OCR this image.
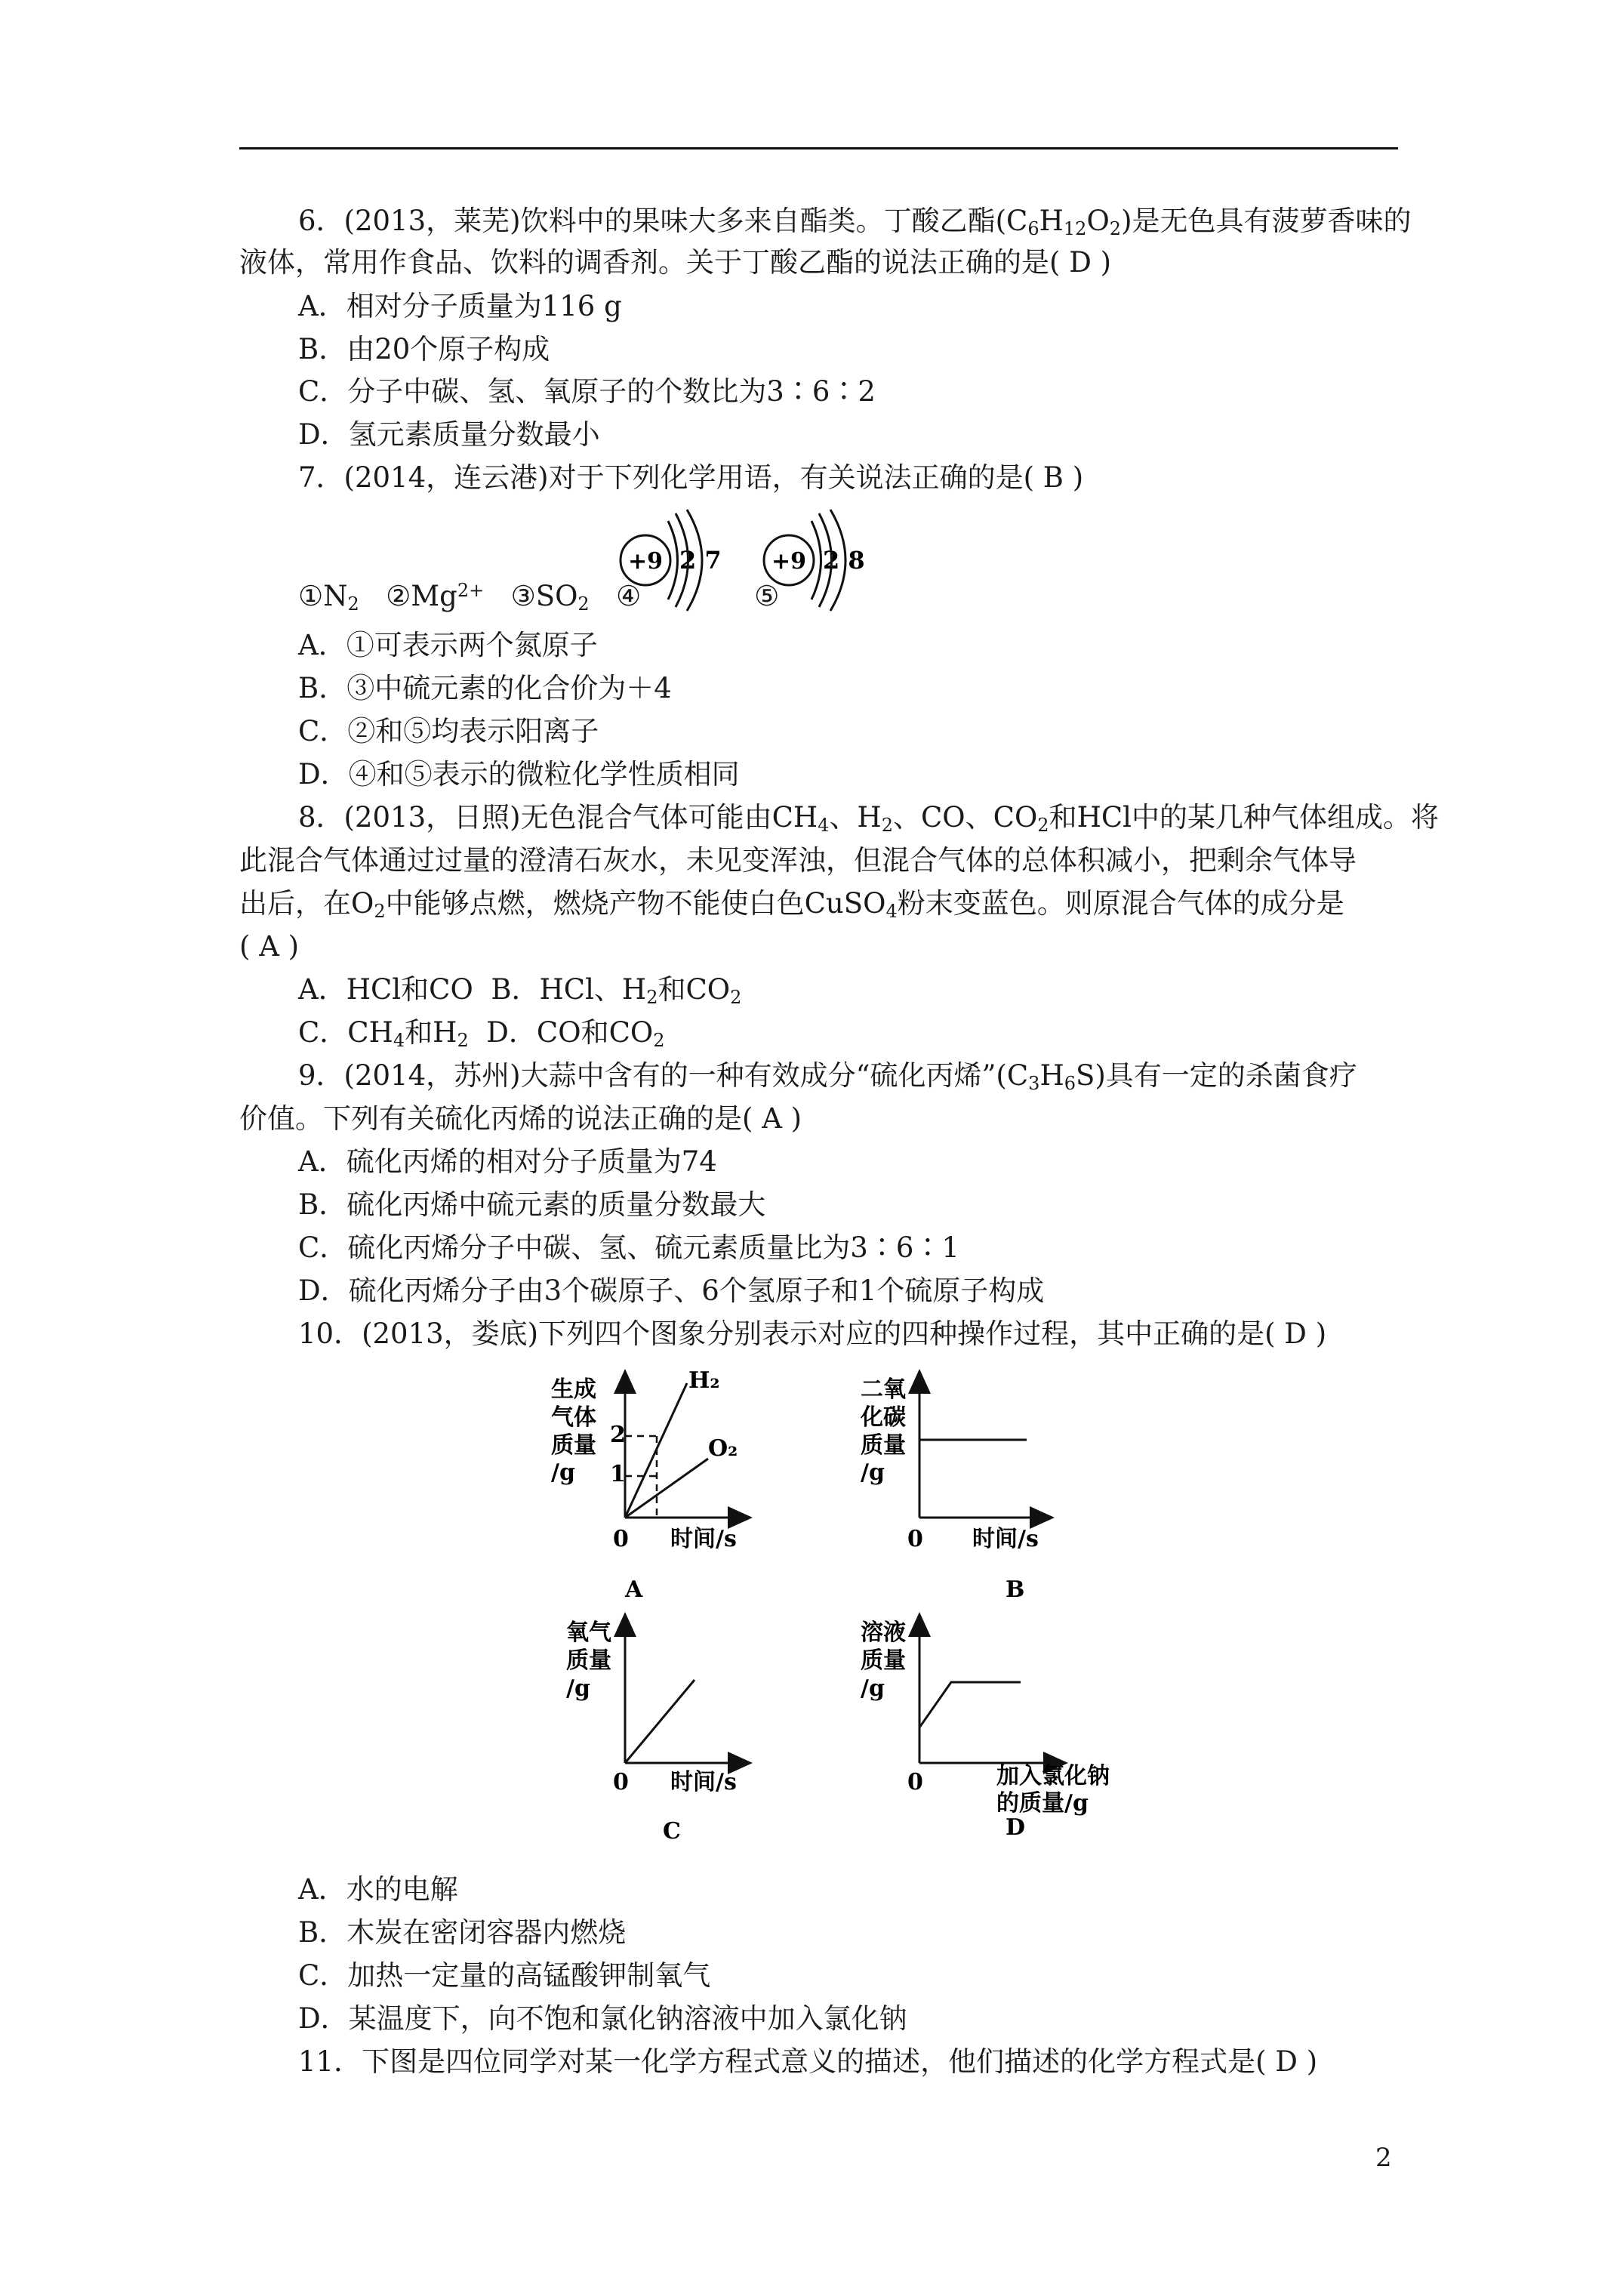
6．(2013，莱芜)饮料中的果味大多来自酯类。丁酸乙酯$(C_6H_{12}O_2)$是无色具有菠萝香味的
液体，常用作食品、饮料的调香剂。关于丁酸乙酯的说法正确的是( D )
A．相对分子质量为116 g
B．由20个原子构成
C．分子中碳、氢、氧原子的个数比为3∶6∶2
D．氢元素质量分数最小
7．(2014，连云港)对于下列化学用语，有关说法正确的是( B )
$①N_2$ $②Mg^{2+}$ $③SO_2$ ④	⑤
+9 2 7 +9 2 8
A．①可表示两个氮原子
B．③中硫元素的化合价为＋4
C．②和⑤均表示阳离子
D．④和⑤表示的微粒化学性质相同
8．(2013，日照)无色混合气体可能由$CH_4$、$H_2$、CO、$CO_2$和HCl中的某几种气体组成。将
此混合气体通过过量的澄清石灰水，未见变浑浊，但混合气体的总体积减小，把剩余气体导
出后，在$O_2$中能够点燃，燃烧产物不能使白色CuSO$_4$粉末变蓝色。则原混合气体的成分是
( A )
A．HCl和CO B．HCl、$H_2$和$CO_2$
C．$CH_4$和$H_2$ D．CO和$CO_2$
9．(2014，苏州)大蒜中含有的一种有效成分“硫化丙烯$”(C_3H_6S)$具有一定的杀菌食疗
价值。下列有关硫化丙烯的说法正确的是( A )
A．硫化丙烯的相对分子质量为74
B．硫化丙烯中硫元素的质量分数最大
C．硫化丙烯分子中碳、氢、硫元素质量比为3∶6∶1
D．硫化丙烯分子由3个碳原子、6个氢原子和1个硫原子构成
10．(2013，娄底)下列四个图象分别表示对应的四种操作过程，其中正确的是( D )
生成
气体
质量
/g
0 时间/s
2
1
H₂
O₂
A
二氧
化碳
质量
/g
0 时间/s
B
氧气
质量
/g
0 时间/s
C
溶液
质量
/g
0	加入氯化钠
的质量/g
D
A．水的电解
B．木炭在密闭容器内燃烧
C．加热一定量的高锰酸钾制氧气
D．某温度下，向不饱和氯化钠溶液中加入氯化钠
11．下图是四位同学对某一化学方程式意义的描述，他们描述的化学方程式是( D )
2
